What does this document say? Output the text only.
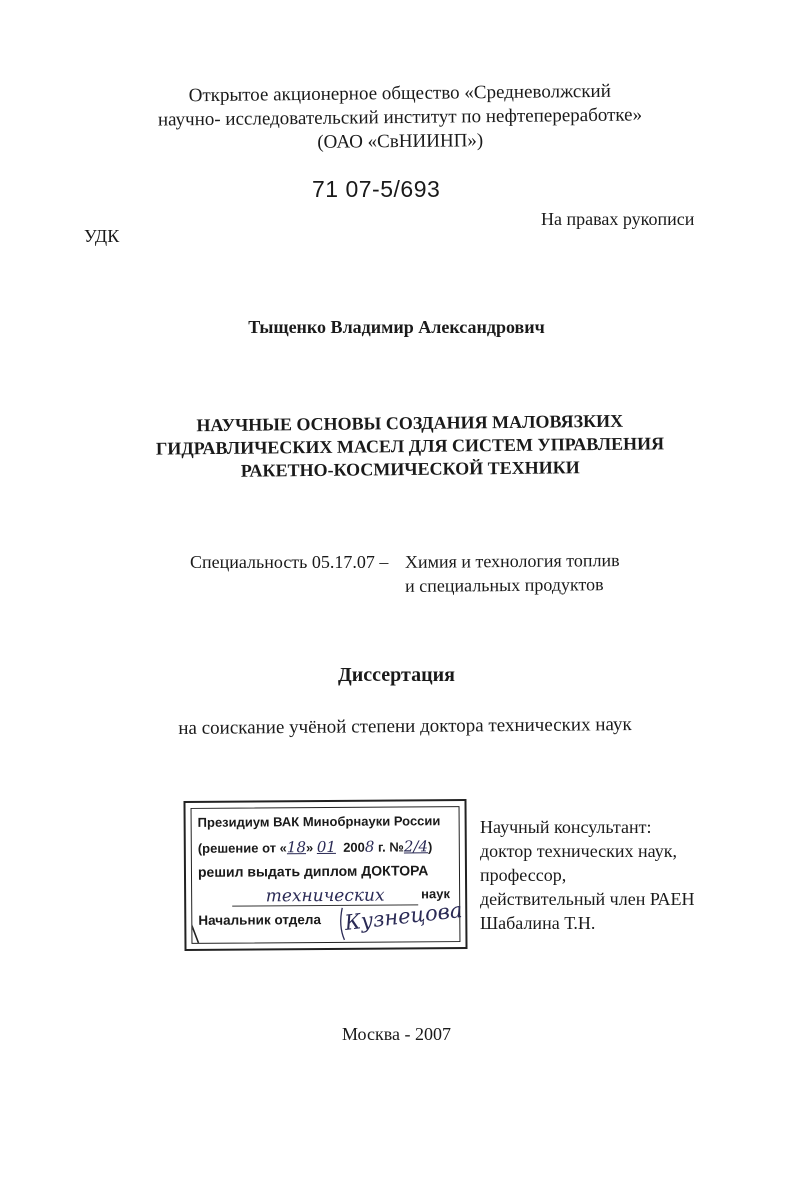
Открытое акционерное общество «Средневолжский
научно- исследовательский институт по нефтепереработке»
(ОАО «СвНИИНП»)
71 07-5/693
УДК
На правах рукописи
Тыщенко Владимир Александрович
НАУЧНЫЕ ОСНОВЫ СОЗДАНИЯ МАЛОВЯЗКИХ
ГИДРАВЛИЧЕСКИХ МАСЕЛ ДЛЯ СИСТЕМ УПРАВЛЕНИЯ
РАКЕТНО-КОСМИЧЕСКОЙ ТЕХНИКИ
Специальность 05.17.07 – Химия и технология топлив
и специальных продуктов
Диссертация
на соискание учёной степени доктора технических наук
Президиум ВАК Минобрнауки России
(решение от «18» 01 2008 г. №2/4)
решил выдать диплом ДОКТОРА
технических	наук
Начальник отдела Кузнецова
Научный консультант:
доктор технических наук,
профессор,
действительный член РАЕН
Шабалина Т.Н.
Москва - 2007
